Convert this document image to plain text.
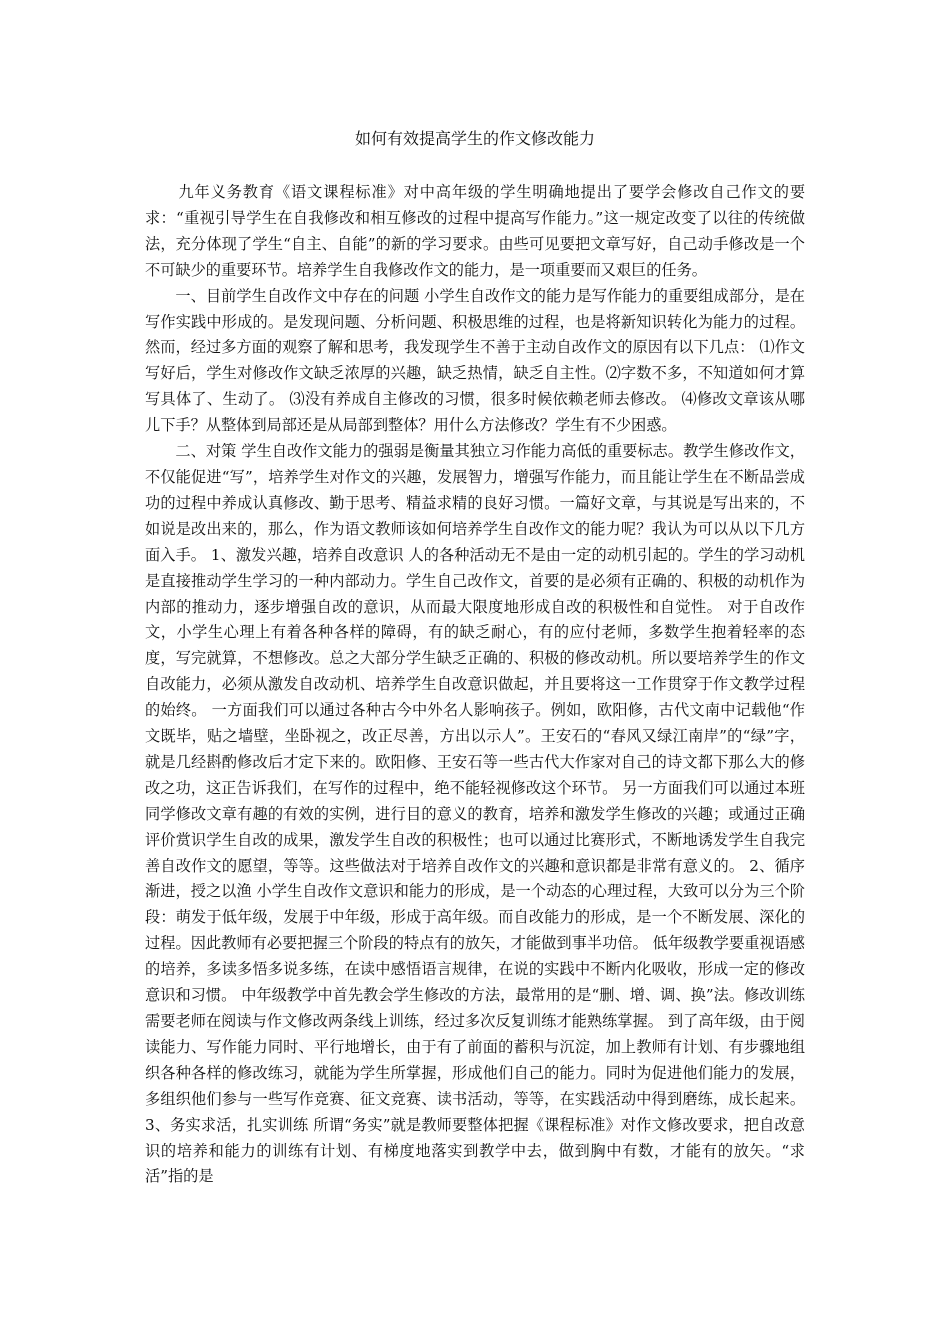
如何有效提高学生的作文修改能力

九年义务教育《语文课程标准》对中高年级的学生明确地提出了要学会修改自己作文的要求：“重视引导学生在自我修改和相互修改的过程中提高写作能力。”这一规定改变了以往的传统做法，充分体现了学生“自主、自能”的新的学习要求。由些可见要把文章写好，自己动手修改是一个不可缺少的重要环节。培养学生自我修改作文的能力，是一项重要而又艰巨的任务。

一、目前学生自改作文中存在的问题 小学生自改作文的能力是写作能力的重要组成部分，是在写作实践中形成的。是发现问题、分析问题、积极思维的过程，也是将新知识转化为能力的过程。然而，经过多方面的观察了解和思考，我发现学生不善于主动自改作文的原因有以下几点： ⑴作文写好后，学生对修改作文缺乏浓厚的兴趣，缺乏热情，缺乏自主性。⑵字数不多，不知道如何才算写具体了、生动了。 ⑶没有养成自主修改的习惯，很多时候依赖老师去修改。 ⑷修改文章该从哪儿下手？从整体到局部还是从局部到整体？用什么方法修改？学生有不少困惑。

二、对策 学生自改作文能力的强弱是衡量其独立习作能力高低的重要标志。教学生修改作文，不仅能促进“写”，培养学生对作文的兴趣，发展智力，增强写作能力，而且能让学生在不断品尝成功的过程中养成认真修改、勤于思考、精益求精的良好习惯。一篇好文章，与其说是写出来的，不如说是改出来的，那么，作为语文教师该如何培养学生自改作文的能力呢？我认为可以从以下几方面入手。 1、激发兴趣，培养自改意识 人的各种活动无不是由一定的动机引起的。学生的学习动机是直接推动学生学习的一种内部动力。学生自己改作文，首要的是必须有正确的、积极的动机作为内部的推动力，逐步增强自改的意识，从而最大限度地形成自改的积极性和自觉性。 对于自改作文，小学生心理上有着各种各样的障碍，有的缺乏耐心，有的应付老师，多数学生抱着轻率的态度，写完就算，不想修改。总之大部分学生缺乏正确的、积极的修改动机。所以要培养学生的作文自改能力，必须从激发自改动机、培养学生自改意识做起，并且要将这一工作贯穿于作文教学过程的始终。 一方面我们可以通过各种古今中外名人影响孩子。例如，欧阳修，古代文南中记载他“作文既毕，贴之墙壁，坐卧视之，改正尽善，方出以示人”。王安石的“春风又绿江南岸”的“绿”字，就是几经斟酌修改后才定下来的。欧阳修、王安石等一些古代大作家对自己的诗文都下那么大的修改之功，这正告诉我们，在写作的过程中，绝不能轻视修改这个环节。 另一方面我们可以通过本班同学修改文章有趣的有效的实例，进行目的意义的教育，培养和激发学生修改的兴趣；或通过正确评价赏识学生自改的成果，激发学生自改的积极性；也可以通过比赛形式，不断地诱发学生自我完善自改作文的愿望，等等。这些做法对于培养自改作文的兴趣和意识都是非常有意义的。 2、循序渐进，授之以渔 小学生自改作文意识和能力的形成，是一个动态的心理过程，大致可以分为三个阶段：萌发于低年级，发展于中年级，形成于高年级。而自改能力的形成，是一个不断发展、深化的过程。因此教师有必要把握三个阶段的特点有的放矢，才能做到事半功倍。 低年级教学要重视语感的培养，多读多悟多说多练，在读中感悟语言规律，在说的实践中不断内化吸收，形成一定的修改意识和习惯。 中年级教学中首先教会学生修改的方法，最常用的是“删、增、调、换”法。修改训练需要老师在阅读与作文修改两条线上训练，经过多次反复训练才能熟练掌握。 到了高年级，由于阅读能力、写作能力同时、平行地增长，由于有了前面的蓄积与沉淀，加上教师有计划、有步骤地组织各种各样的修改练习，就能为学生所掌握，形成他们自己的能力。同时为促进他们能力的发展，多组织他们参与一些写作竞赛、征文竞赛、读书活动，等等，在实践活动中得到磨练，成长起来。 3、务实求活，扎实训练 所谓“务实”就是教师要整体把握《课程标准》对作文修改要求，把自改意识的培养和能力的训练有计划、有梯度地落实到教学中去，做到胸中有数，才能有的放矢。“求活”指的是
